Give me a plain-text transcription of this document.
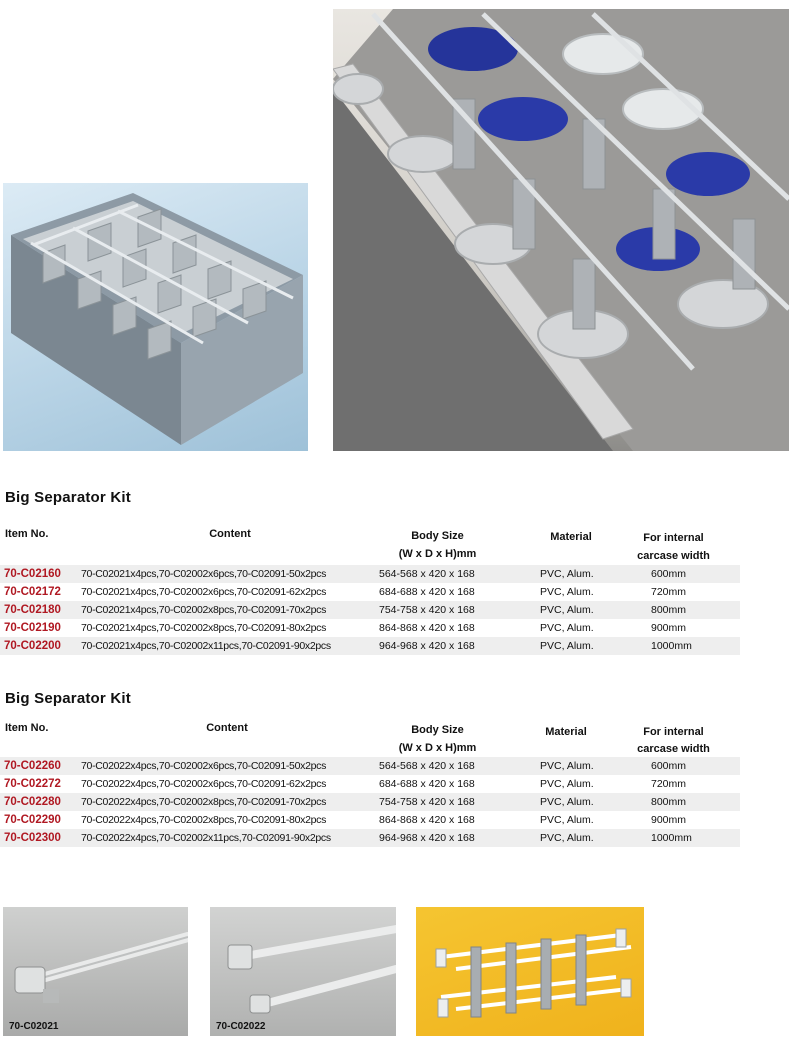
Big Separator Kit
Item No.	Content	Body Size
(W x D x H)mm
Material	For internal
carcase width
70-C02160 70-C02021x4pcs,70-C02002x6pcs,70-C02091-50x2pcs	564-568 x 420 x 168	PVC, Alum.	600mm
70-C02172 70-C02021x4pcs,70-C02002x6pcs,70-C02091-62x2pcs	684-688 x 420 x 168	PVC, Alum.	720mm
70-C02180 70-C02021x4pcs,70-C02002x8pcs,70-C02091-70x2pcs	754-758 x 420 x 168	PVC, Alum.	800mm
70-C02190 70-C02021x4pcs,70-C02002x8pcs,70-C02091-80x2pcs	864-868 x 420 x 168	PVC, Alum.	900mm
70-C02200 70-C02021x4pcs,70-C02002x11pcs,70-C02091-90x2pcs	964-968 x 420 x 168	PVC, Alum.	1000mm
Big Separator Kit
Item No.	Content	Body Size
(W x D x H)mm
Material	For internal
carcase width
70-C02260 70-C02022x4pcs,70-C02002x6pcs,70-C02091-50x2pcs	564-568 x 420 x 168	PVC, Alum.	600mm
70-C02272 70-C02022x4pcs,70-C02002x6pcs,70-C02091-62x2pcs	684-688 x 420 x 168	PVC, Alum.	720mm
70-C02280 70-C02022x4pcs,70-C02002x8pcs,70-C02091-70x2pcs	754-758 x 420 x 168	PVC, Alum.	800mm
70-C02290 70-C02022x4pcs,70-C02002x8pcs,70-C02091-80x2pcs	864-868 x 420 x 168	PVC, Alum.	900mm
70-C02300 70-C02022x4pcs,70-C02002x11pcs,70-C02091-90x2pcs	964-968 x 420 x 168	PVC, Alum.	1000mm
70-C02021	70-C02022
